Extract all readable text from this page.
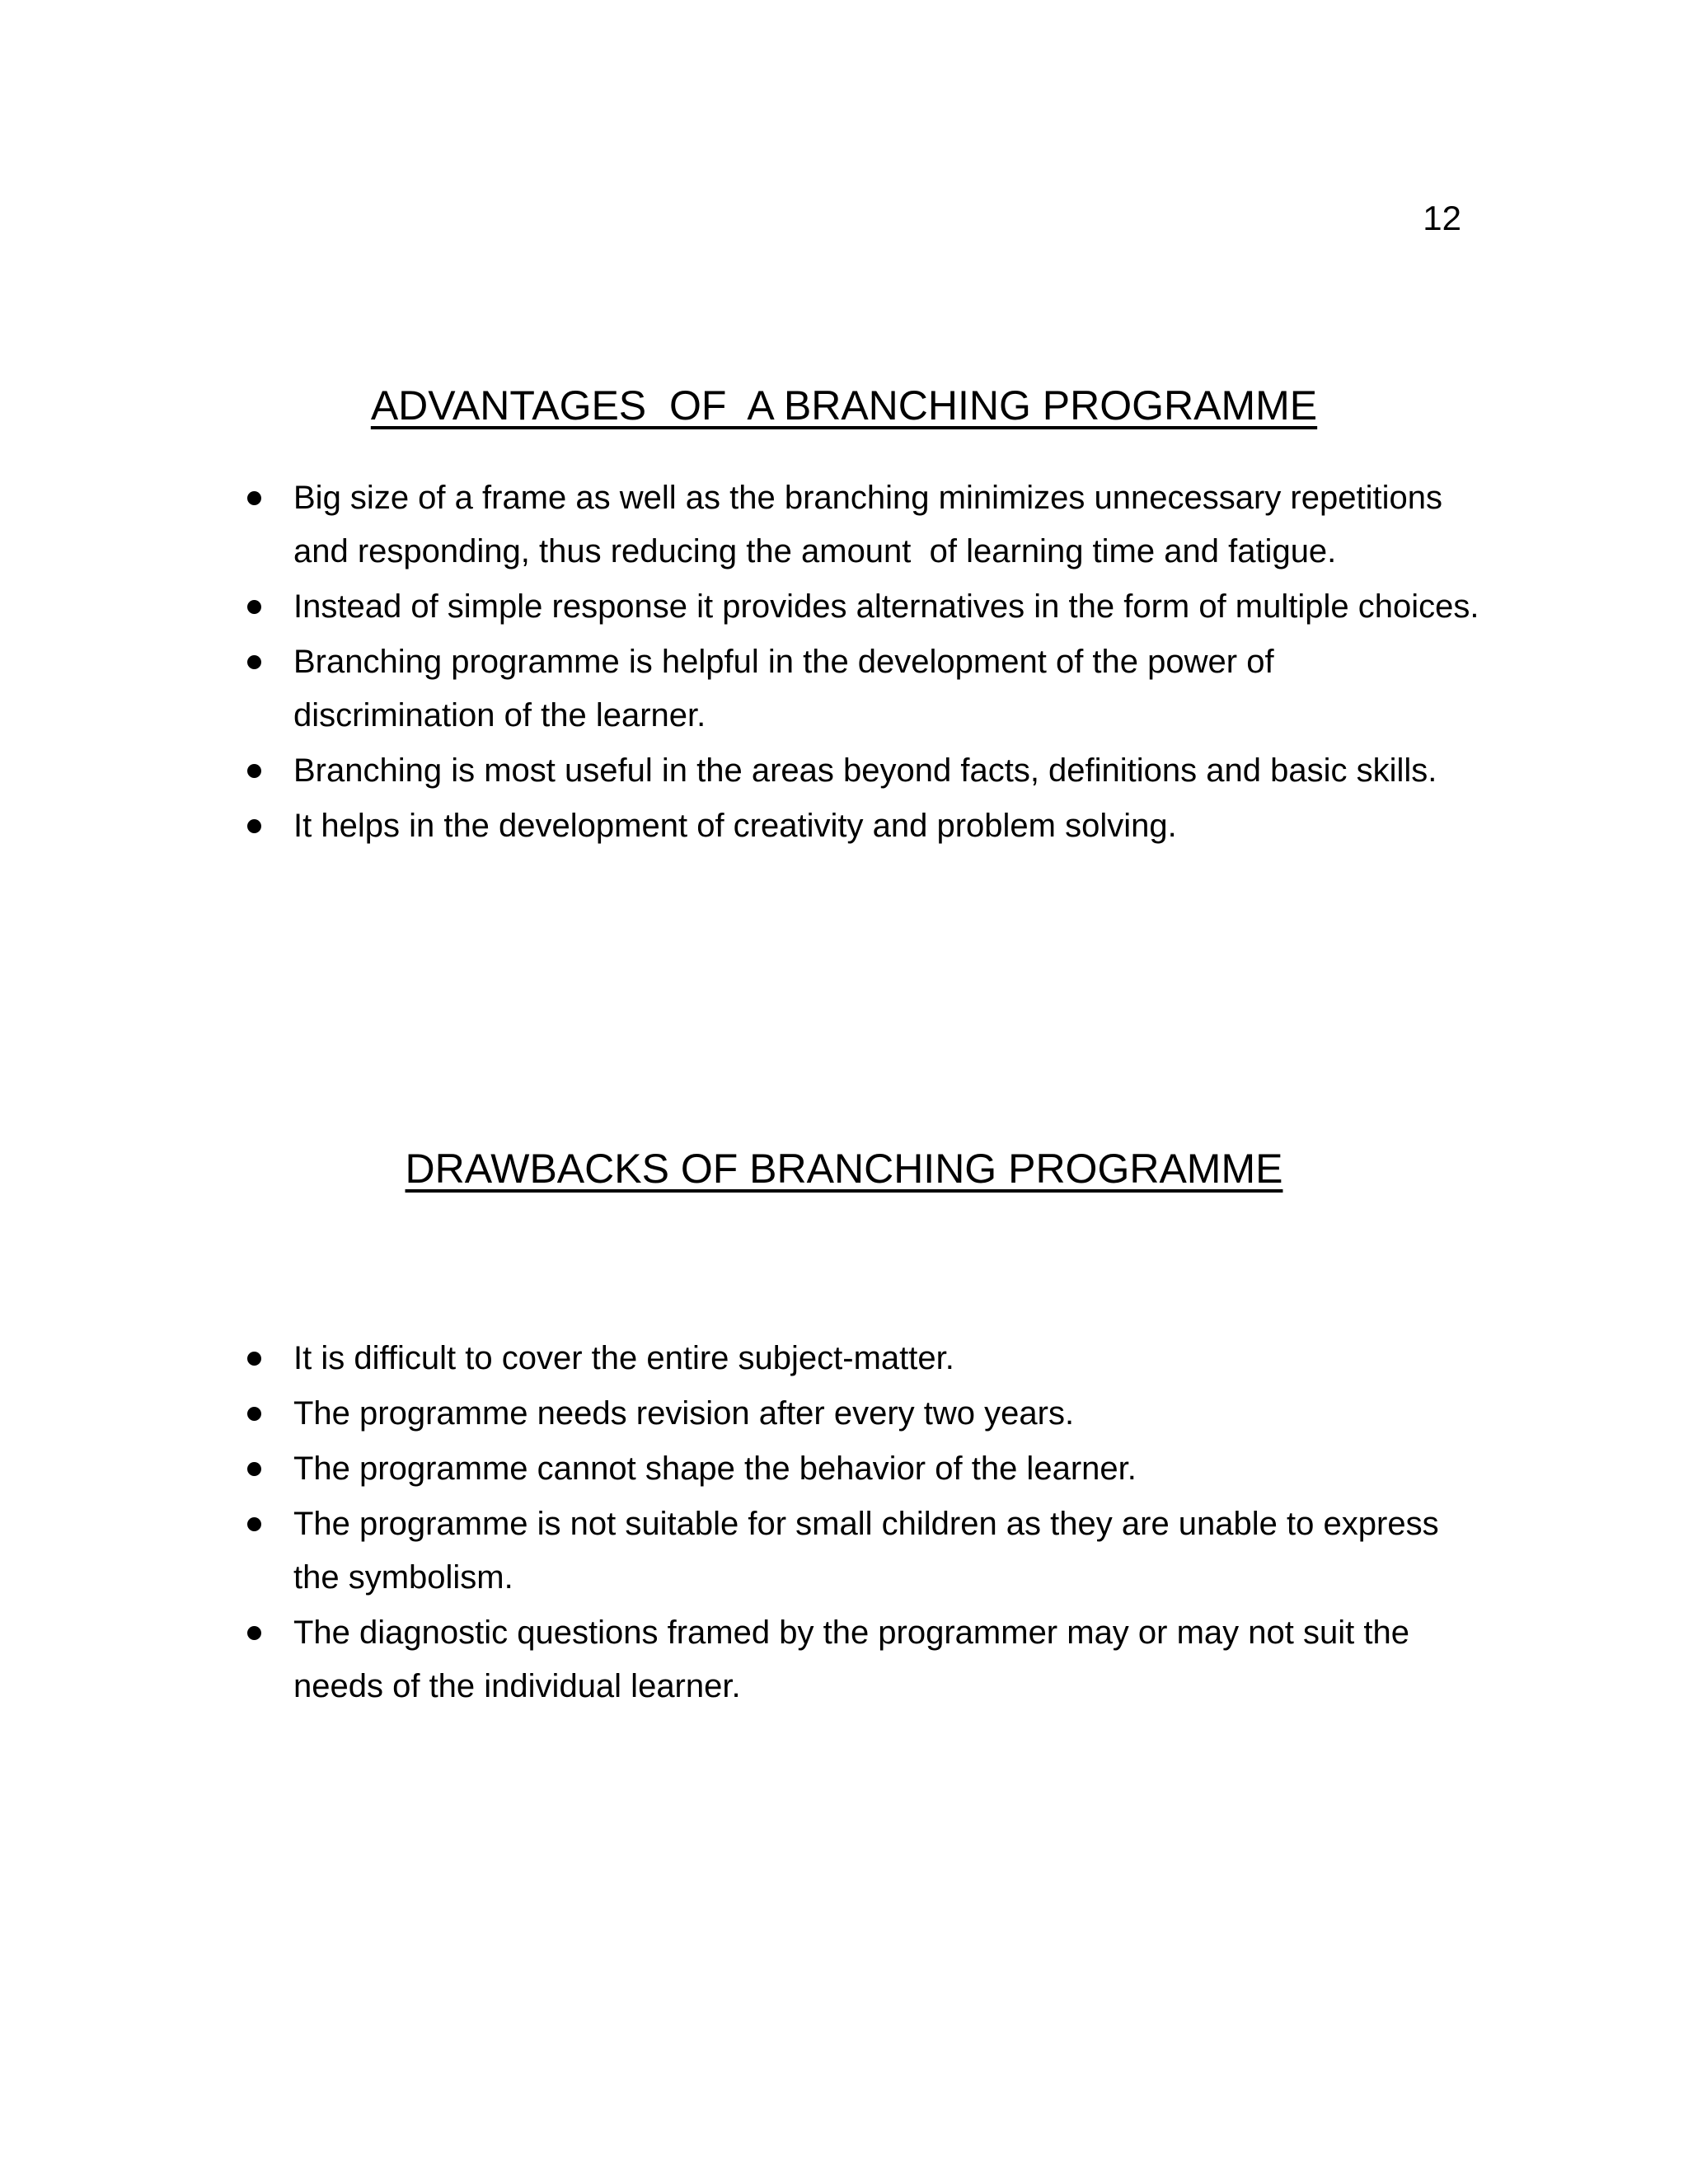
12
ADVANTAGES  OF  A BRANCHING PROGRAMME
Big size of a frame as well as the branching minimizes unnecessary repetitions and responding, thus reducing the amount  of learning time and fatigue.
Instead of simple response it provides alternatives in the form of multiple choices.
Branching programme is helpful in the development of the power of discrimination of the learner.
Branching is most useful in the areas beyond facts, definitions and basic skills.
It helps in the development of creativity and problem solving.
DRAWBACKS OF BRANCHING PROGRAMME
It is difficult to cover the entire subject-matter.
The programme needs revision after every two years.
The programme cannot shape the behavior of the learner.
The programme is not suitable for small children as they are unable to express the symbolism.
The diagnostic questions framed by the programmer may or may not suit the needs of the individual learner.
